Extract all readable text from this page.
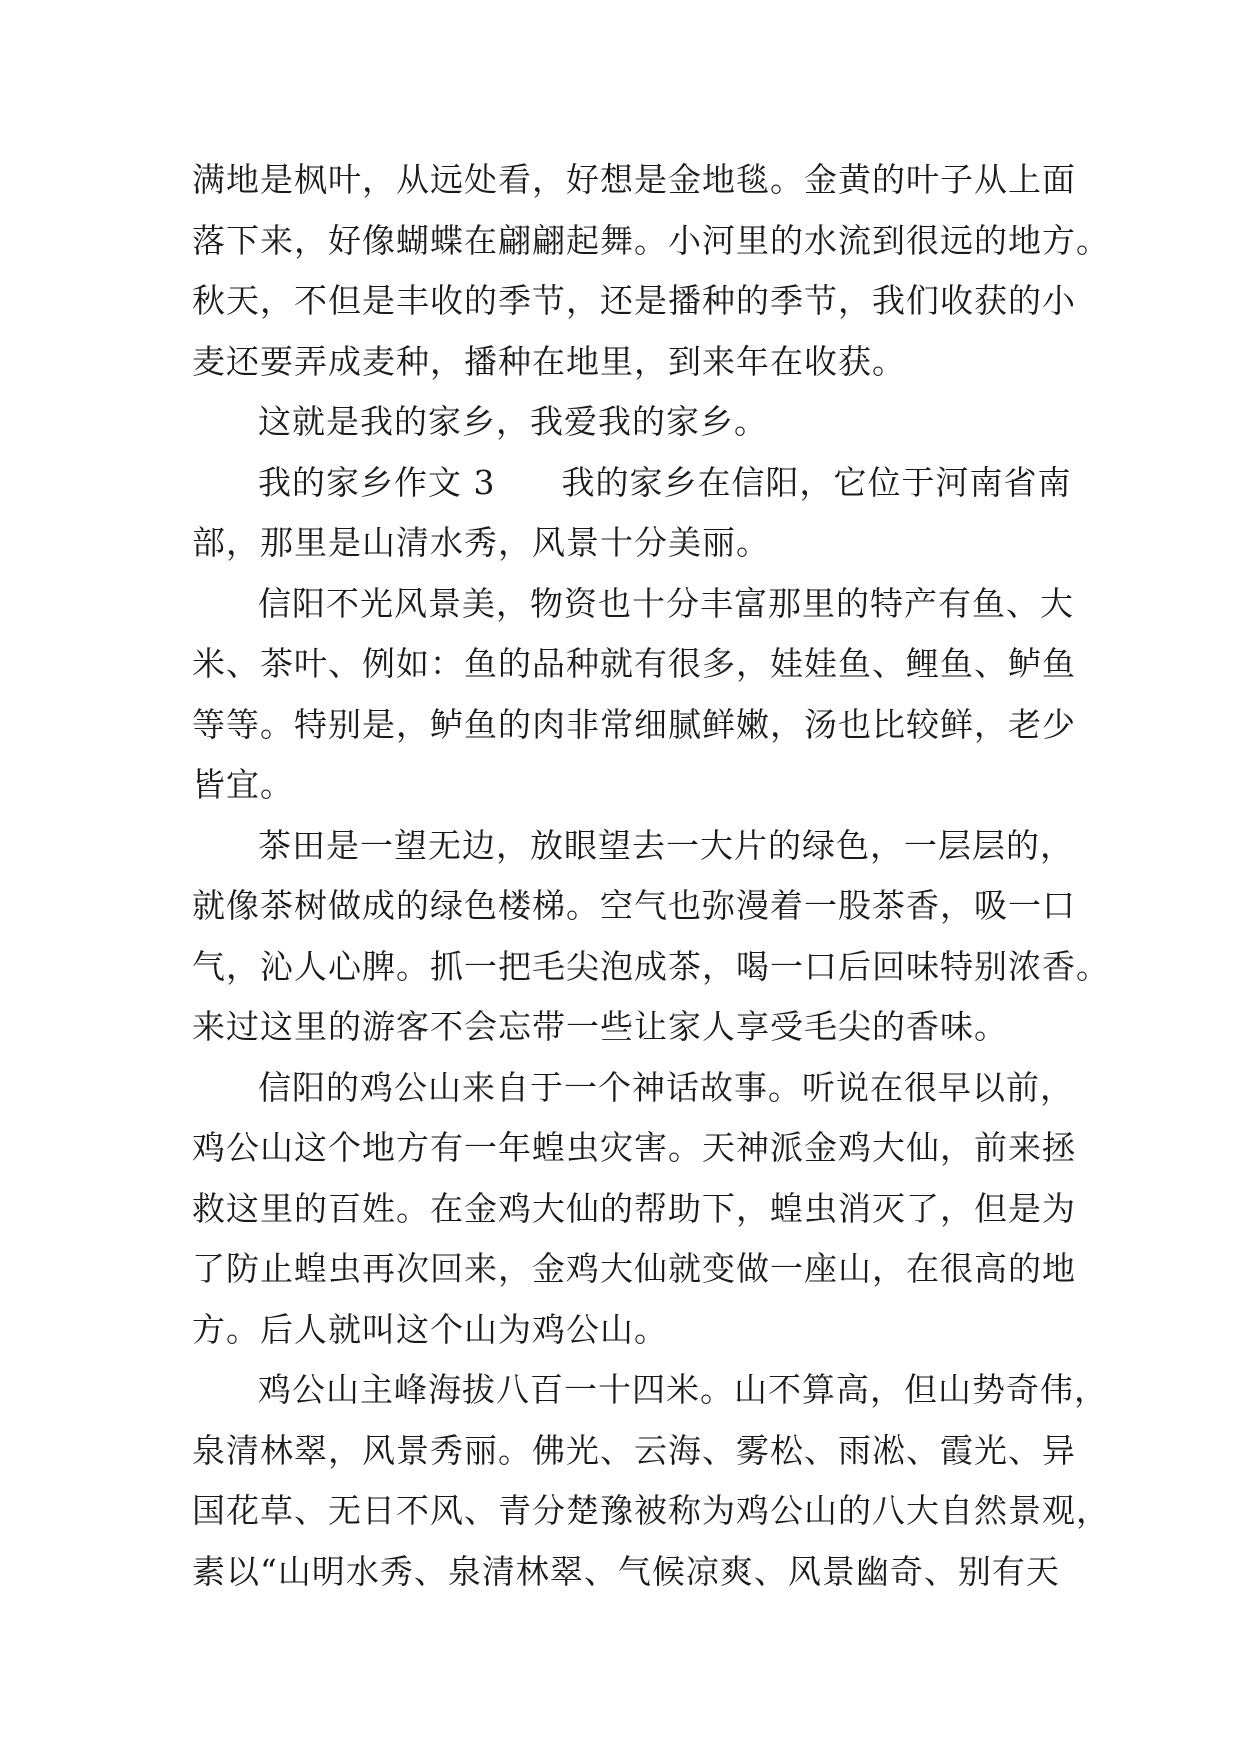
满地是枫叶，从远处看，好想是金地毯。金黄的叶子从上面
落下来，好像蝴蝶在翩翩起舞。小河里的水流到很远的地方。
秋天，不但是丰收的季节，还是播种的季节，我们收获的小
麦还要弄成麦种，播种在地里，到来年在收获。
这就是我的家乡，我爱我的家乡。
我的家乡作文 3 我的家乡在信阳，它位于河南省南
部，那里是山清水秀，风景十分美丽。
信阳不光风景美，物资也十分丰富那里的特产有鱼、大
米、茶叶、例如：鱼的品种就有很多，娃娃鱼、鲤鱼、鲈鱼
等等。特别是，鲈鱼的肉非常细腻鲜嫩，汤也比较鲜，老少
皆宜。
茶田是一望无边，放眼望去一大片的绿色，一层层的，
就像茶树做成的绿色楼梯。空气也弥漫着一股茶香，吸一口
气，沁人心脾。抓一把毛尖泡成茶，喝一口后回味特别浓香。
来过这里的游客不会忘带一些让家人享受毛尖的香味。
信阳的鸡公山来自于一个神话故事。听说在很早以前，
鸡公山这个地方有一年蝗虫灾害。天神派金鸡大仙，前来拯
救这里的百姓。在金鸡大仙的帮助下，蝗虫消灭了，但是为
了防止蝗虫再次回来，金鸡大仙就变做一座山，在很高的地
方。后人就叫这个山为鸡公山。
鸡公山主峰海拔八百一十四米。山不算高，但山势奇伟，
泉清林翠，风景秀丽。佛光、云海、雾松、雨凇、霞光、异
国花草、无日不风、青分楚豫被称为鸡公山的八大自然景观，
素以“山明水秀、泉清林翠、气候凉爽、风景幽奇、别有天
